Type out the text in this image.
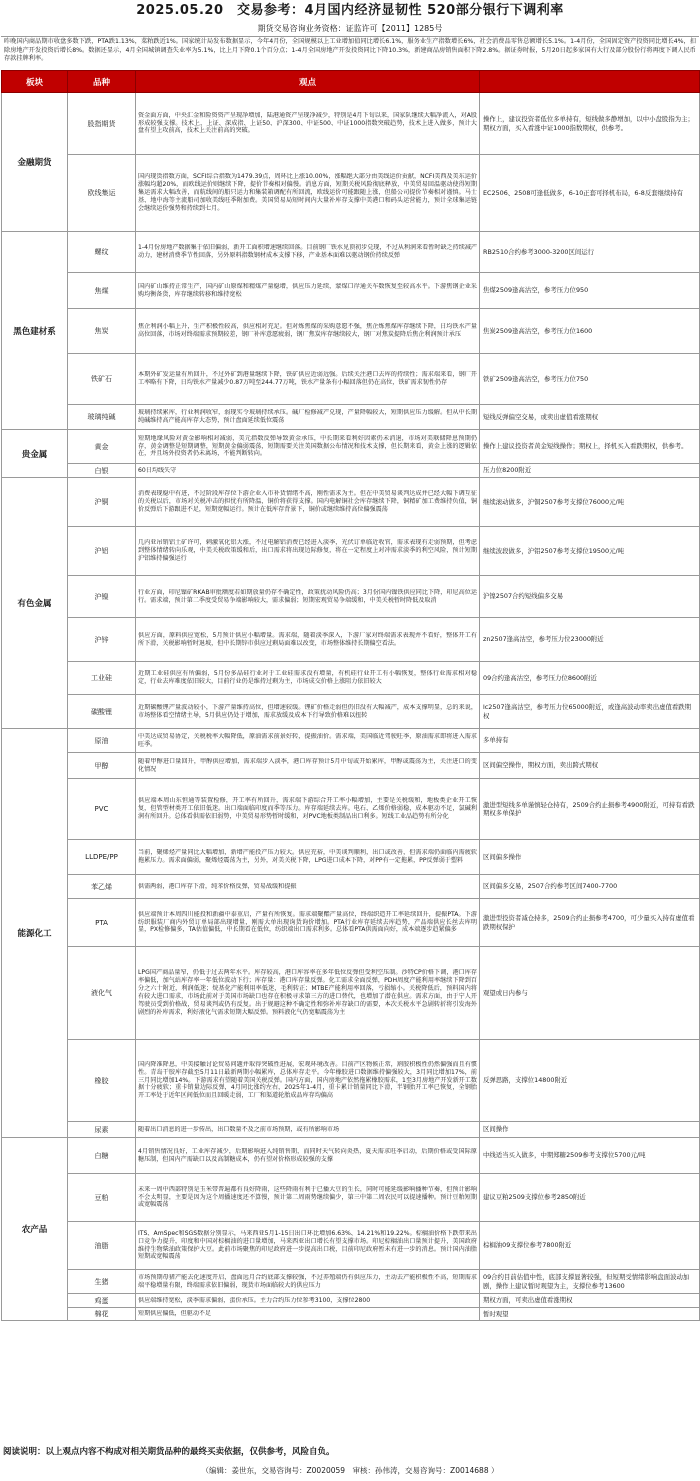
2025.05.20　交易参考：4月国内经济显韧性 520部分银行下调利率
期货交易咨询业务资格：证监许可【2011】1285号
昨晚国内商品期市收盘多数下跌，PTA跌1.13%，菜粕跌近1%。国家统计局发布数据显示，今年4月份，全国规模以上工业增加值同比增长6.1%，服务业生产指数增长6%，社会消费品零售总额增长5.1%。1-4月份，全国固定资产投资同比增长4%，扣除房地产开发投资后增长8%。数据还显示，4月全国城镇调查失业率为5.1%，比上月下降0.1个百分点；1-4月全国房地产开发投资同比下降10.3%，新建商品房销售面积下降2.8%。据证券时报，5月20日起多家国有大行及部分股份行将再度下调人民币存款挂牌利率。
板块	品种	观点	
金融期货	股指期货	资金面方面，中央汇金和险资资产呈现净增加，陆港通资产呈现净减少，特别是4月下旬以来，国家队继续大幅净流入，对A股形成较强支撑。技术上，上证、深成指、上证50、沪深300、中证500、中证1000指数突破趋势，技术上进入做多，预计大盘有望上攻前高，技术上关注前高的突破。	操作上，建议投资者低位多单持有，短线做多静增加，以中小盘股指为主；期权方面，买入看涨中证1000指数期权，供参考。

	欧线集运	国内现货指数方面，SCFI综合指数为1479.39点，周环比上涨10.00%，涨幅绝大部分由美线运价贡献，NCFI美西及美东运价涨幅均超20%，而欧线运价则继续下降，提价节奏相对偏慢。消息方面，短期关税风险彻底释放，中美贸易回温驱动使得短期集运需求大幅改善，而航线间的船只运力和集装箱调配有所回流，欧线运价可能跟随上涨，但船公司提价节奏相对谨慎。马士基、地中海等主流船司加收美线旺季附加费。美国贸易局短时间内大量补库存支撑中美港口和码头运营能力，预计全球集运链会继续运价强势和持续到七月。	EC2506、2508可逢低做多，6-10正套可择机布局，6-8反套继续持有

黑色建材系	螺纹	1-4月份房地产数据集于依旧偏弱，新开工面积增速继续回落。目前钢厂铁水见顶初步兑现，不过从利润来看暂时缺乏持续减产动力，建材消费季节性回落，另外原料指数钢材成本支撑下移，产业基本面难以驱动钢价持续反弹	RB2510合约参考3000-3200区间运行

	焦煤	国内矿山维持正常生产，国内矿山原煤和精煤产量稳增，供应压力延续，蒙煤口岸通关车数恢复至较高水平。下游焦钢企业采购均衡备货，库存继续转移和维持宽松	焦煤2509逢高沽空，参考压力位950

	焦炭	焦企利润小幅上升，生产积极性较高，供应相对充足。但对炼焦煤的采购意愿不强，焦企炼焦煤库存继续下降，日均铁水产量高位回落，市场对终端需求预期较差，钢厂补库意愿疲弱，钢厂焦炭库存继续较大，钢厂对焦炭提降后焦企利润预计承压	焦炭2509逢高沽空，参考压力位1600

	铁矿石	本期外矿发运量有所回升，不过外矿到港量继续下降，铁矿供应近弱远强。后续关注港口去库的持续性；需求端来看，钢厂开工率略有下降，日均铁水产量减少0.87万吨至244.77万吨，铁水产量条有小幅回落但仍在高位，铁矿需求韧性仍存	铁矿2509逢高沽空，参考压力位750

	玻璃纯碱	玻璃持续累库，行业利润收窄，弱现实令玻璃持续承压。碱厂检修减产兑现，产量降幅较大，短期供应压力缓解。但从中长期纯碱维持高产能高库存大态势，预计盘面延续低位震荡	短线反弹偏空交易，或卖出虚值看涨期权

贵金属	黄金	短期地缘风险对黄金影响相对减弱，美元指数反弹导致黄金承压，中长期来看利好因素仍未消退，市场对美联储降息预期仍存，黄金调整是短期调整，短期黄金偏弱震荡，短期需要关注美国数据公布情况和技术支撑，但长期来看，黄金上涨的逻辑依在，并且场外投资者仍未离场，不能判断转向。	操作上建议投资者黄金短线操作；期权上，择机买入看跌期权，供参考。

	白银	60日均线失守	压力位8200附近

有色金属	沪铜	消费表现稳中有进，不过阶段库存位下游企业入市补货情绪不高，刚性需求为主。但在中美贸易谈判达成并已经大幅下调互征的关税以后，市场对关税冲击的担忧有所降温，铜价将获得支撑。国内电解铜社会库存继续下降，铜精矿加工费维持负值，铜价反弹后下游跟进不足，短期宽幅运行。预计在低库存背景下，铜价或继续维持高位偏强震荡	继续滚动做多，沪铜2507参考支撑位76000元/吨

	沪铝	几内亚吊销铝土矿许可，刺激氧化铝大涨，不过电解铝消费已经进入淡季，光伏订单临近收官，需求表现有走弱预期，但考虑到整体情绪转向乐观，中美关税政策缓和后，出口需求将出现边际修复，将在一定程度上对冲需求淡季的利空风险，预计短期沪铝维持偏强运行	继续波段做多，沪铝2507参考支撑位19500元/吨

	沪镍	行业方面，印尼镍矿RKAB审批额度若如期放量仍存不确定性，政策扰动风险仍高；3月份国内镍铁供应同比下降，印尼高位运行。需求端，预计第二季度受贸易争端影响较大，需求偏弱；短期宏观贸易争端缓和，中美关税暂时降低及取消	沪镍2507合约短线偏多交易

	沪锌	供应方面，原料供应宽松，5月预计供应小幅增量。需求端，随着淡季深入，下游厂家对终端需求表现并不看好，整体开工有所下滑，关税影响暂时退坡，但中长期锌市供应过剩局面难以改变，市场整体维持长期偏空看法。	zn2507逢高沽空，参考压力位23000附近

	工业硅	近期工业硅供应有所偏弱，5月份多晶硅行业对于工业硅需求没有增量，有机硅行业开工有小幅恢复，整体行业需求相对稳定，行业去库难度依旧较大，目前行业仍是维持过剩为主，市场成交价格上涨阻力依旧较大	09合约逢高沽空，参考压力位8600附近

	碳酸锂	近期碳酸锂产量波动较小，下游产量维持高位，但增速较缓。锂矿价格走弱但仍旧没有大幅减产，成本支撑明显，总的来说，市场整体看空情绪主导，5月供应仍处于增加，需求放缓及成本下行导致价格难以扭转	lc2507逢高沽空，参考压力位65000附近，或逢高波动率卖出虚值看跌期权

能源化工	原油	中美达成贸易协定，关税税率大幅降低，原油需求前景好转，提振油价。需求端，美国临近驾驶旺季，原油需求即将进入需求旺季。	多单持有

	甲醇	随着甲醇进口量回升，甲醇供应增加，需求端步入淡季，港口库存预计5月中旬或开始累库，甲醇或震荡为主，关注进口的变化情况	区间偏空操作，期权方面，卖出跨式期权

	PVC	供应端本周山东恒通等装置检修，开工率有所回升，需求端下游综合开工率小幅增加，主要是关税缓和，地板类企业开工恢复，但管型材类开工依旧低迷。出口端面临印度而季等压力。库存端延续去库。电石、乙烯价格弱稳，成本驱动不足，氯碱利润有所回升。总体看供需依旧弱势，中美贸易形势暂时缓和，对PVC地板类制品出口利多。短线工业品趋势有所分化	激进型短线多单谨慎轻仓持有，2509合约止损参考4900附近，可持有看跌期权多单保护

	LLDPE/PP	当前，聚烯烃产量同比大幅增加，新增产能投产压力较大。供应充裕，中美谈判顺利，出口或改善，但需求端仍面临内需疲软拖累压力。需求面偏弱，聚烯烃震荡为主，另外，对美关税下降，LPG进口成本下降，对PP有一定拖累，PP反弹弱于塑料	区间偏多操作

	苯乙烯	供需两弱，港口库存下滑，纯苯价格反弹，贸易战缓和提振	区间偏多交易，2507合约参考区间7400-7700

	PTA	供应端预计本周四川能投和新疆中泰重启，产量有所恢复。需求端聚酯产量高位，终端织造开工率延续回升，提振PTA。下游纺织服装厂商内外贸订单局部出现增量，刚需大单出现询货询价增加。PTA行业库存延续去库趋势，产品端供应长丝去库明显，PX检修偏多，TA估值偏低，中长期看在低位，纺织端出口需求利多。总体看PTA供需面向好，成本端逐步趋紧偏多	激进型投资者减仓持多，2509合约止损参考4700，可少量买入持有虚值看跌期权保护

	液化气	LPG国产商品量窄，仍低于过去两年水平。库存较高，港口库容率在多年低位反弹但受利空压制。沙特CP价格下调，港口库存率偏低，加气站库存率一年低位波动下行；库存量：港口库存量反弹。化工需求全面反弹，PDH周度产能利用率继续下降到百分之六十附近，利润低迷；烷基化产能利用率低迷，毛利转正；MTBE产能利用率回落，亏损缩小。关税降低后，预料国内将有较大进口需求，市场此前对于美国市场缺口也存在积极寻求第三方的进口替代，也增加了潜在供应。需求方面，由于宁人开驾驶员受到价格战，贸易谈判或仍有反复。出于规避这种不确定性和弥补库存缺口的需要，本次关税水平急剧转折将引发海外剧烈的补库需求，利好液化气需求短期大幅反弹。预料液化气仍宽幅震荡为主	观望或日内参与

	橡胶	国内降准降息，中美接触讨论贸易问题并取得突破性进展，宏观环境改善。目前产区物候正常，割胶积极性仍然偏强而且有惯性。青岛干胶库存截至5月11日最新两期小幅累库，总体库存走平。今年橡胶进口数据维持偏强较大，3月同比增加17%，前三月同比增加14%。下游需求有望随着美国关税反弹。国内方面，国内房地产依然拖累橡胶需求，1至3月房地产开发新开工数据十分疲软；重卡销量边际反弹，4月同比涨约左右，2025年1-4月，重卡累计销量同比下滑，半钢胎开工率已恢复，全钢胎开工率处于近年区间低位而且回暖走弱，工厂和渠道轮胎成品库存均偏高	反弹思路，支撑位14800附近

	尿素	随着出口消息的进一步传出，出口数量不及之前市场预期，或有所影响市场	区间操作

农产品	白糖	4月销售情况良好，工业库存减少，后期影响进入纯销售期，而同时天气转向炎热，夏天需求旺季启动，后期价格或受国际原糖压制，但国内产需缺口以及高制糖成本，仍有望对价格形成较强的支撑	中线适当买入做多，中期郑糖2509参考支撑位5700元/吨

	豆粕	未来一周中西部特别是玉米带普遍都有良好降雨，这些降雨有利于已播大豆的生长，同时可能延缓影响播种节奏，但预计影响不会太明显，主要是因为这个周播速度还不算慢，预计第二周雨势继续偏少，第三中第二周农民可以提速播种。预计豆粕短期或宽幅震荡	建议豆粕2509支撑位参考2850附近

	油脂	ITS、AmSpec和SGS数据分别显示，马来西亚5月1-15日出口环比增加6.63%、14.21%和19.22%。棕榈油价格下跌带来出口竞争力提升，印度和中国对棕榈油的进口量增加，马来西亚出口增长有望支撑市场。印尼棕榈油出口量预计提升，美国政府维持生物柴油政策保护大豆。此前市场聚焦的印尼政府进一步提高出口税，目前印尼政府暂未有进一步的消息。预计国内油脂短期或宽幅震荡	棕榈油09支撑位参考7800附近

	生猪	市场预期母猪产能去化速度开启，盘面远月合约底部支撑较强，不过养殖端仍有供应压力，主动去产能积极性不高，短期需求端平稳增量有限，终端需求依旧偏弱，现货市场面临较大的供应压力	09合约目前估值中性，底部支撑显著较强，但短期受情绪影响盘面波动加剧，操作上建议暂时观望为主，支撑位参考13600

	鸡蛋	供应端维持宽松，淡季需求偏弱，蛋价承压。主力合约压力位参考3100，支撑位2800	期权方面，可卖出虚值看涨期权

	棉花	短期供应偏低，但驱动不足	暂时观望
阅读说明：以上观点内容不构成对相关期货品种的最终买卖依据，仅供参考，风险自负。
（编辑：姜世东，交易咨询号：Z0020059　审核：孙伟涛，交易咨询号：Z0014688 ）
